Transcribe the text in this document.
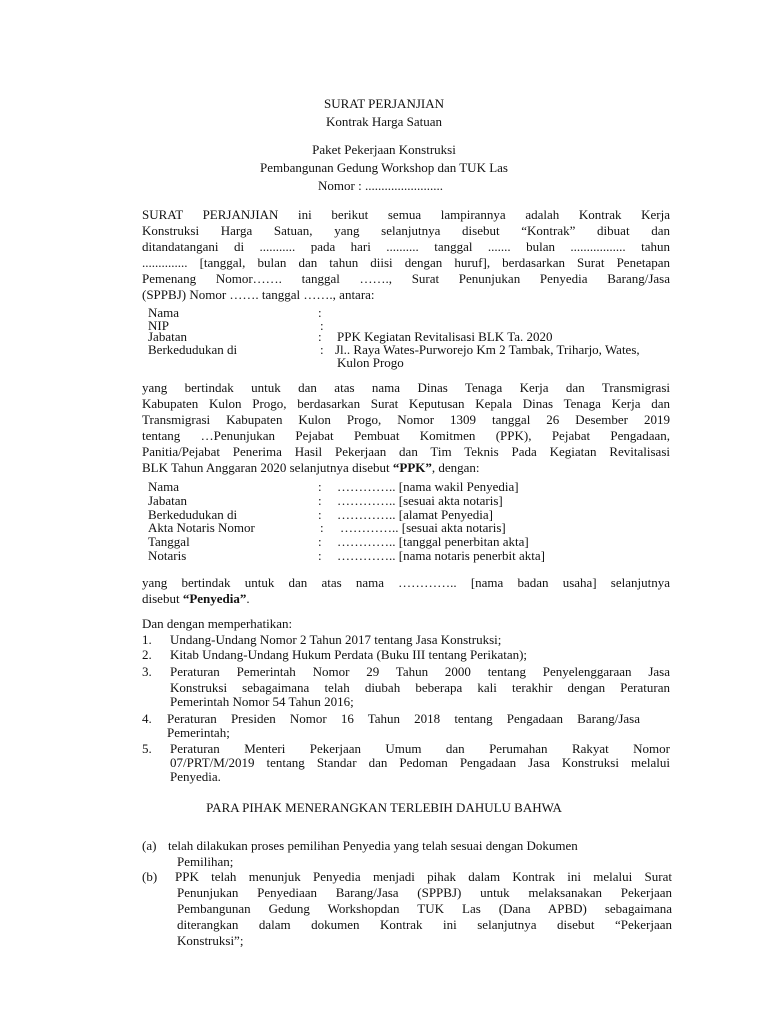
SURAT PERJANJIAN
Kontrak Harga Satuan
Paket Pekerjaan Konstruksi
Pembangunan Gedung Workshop dan TUK Las
Nomor : ........................
SURAT PERJANJIAN ini berikut semua lampirannya adalah Kontrak Kerja
Konstruksi Harga Satuan, yang selanjutnya disebut “Kontrak” dibuat dan
ditandatangani di ........... pada hari .......... tanggal ....... bulan ................. tahun
.............. [tanggal, bulan dan tahun diisi dengan huruf], berdasarkan Surat Penetapan
Pemenang Nomor……. tanggal ……., Surat Penunjukan Penyedia Barang/Jasa
(SPPBJ) Nomor ……. tanggal ……., antara:
Nama	:
NIP	:
Jabatan	: PPK Kegiatan Revitalisasi BLK Ta. 2020
Berkedudukan di	: Jl.. Raya Wates-Purworejo Km 2 Tambak, Triharjo, Wates,
Kulon Progo
yang bertindak untuk dan atas nama Dinas Tenaga Kerja dan Transmigrasi
Kabupaten Kulon Progo, berdasarkan Surat Keputusan Kepala Dinas Tenaga Kerja dan
Transmigrasi Kabupaten Kulon Progo, Nomor 1309 tanggal 26 Desember 2019
tentang …Penunjukan Pejabat Pembuat Komitmen (PPK), Pejabat Pengadaan,
Panitia/Pejabat Penerima Hasil Pekerjaan dan Tim Teknis Pada Kegiatan Revitalisasi
BLK Tahun Anggaran 2020 selanjutnya disebut “PPK”, dengan:
Nama	: ………….. [nama wakil Penyedia]
Jabatan	: ………….. [sesuai akta notaris]
Berkedudukan di	: ………….. [alamat Penyedia]
Akta Notaris Nomor	: ………….. [sesuai akta notaris]
Tanggal	: ………….. [tanggal penerbitan akta]
Notaris	: ………….. [nama notaris penerbit akta]
yang bertindak untuk dan atas nama ………….. [nama badan usaha] selanjutnya
disebut “Penyedia”.
Dan dengan memperhatikan:
1. Undang-Undang Nomor 2 Tahun 2017 tentang Jasa Konstruksi;
2. Kitab Undang-Undang Hukum Perdata (Buku III tentang Perikatan);
3. Peraturan Pemerintah Nomor 29 Tahun 2000 tentang Penyelenggaraan Jasa
Konstruksi sebagaimana telah diubah beberapa kali terakhir dengan Peraturan
Pemerintah Nomor 54 Tahun 2016;
4. Peraturan Presiden Nomor 16 Tahun 2018 tentang Pengadaan Barang/Jasa
Pemerintah;
5. Peraturan Menteri Pekerjaan Umum dan Perumahan Rakyat Nomor
07/PRT/M/2019 tentang Standar dan Pedoman Pengadaan Jasa Konstruksi melalui
Penyedia.
PARA PIHAK MENERANGKAN TERLEBIH DAHULU BAHWA
(a) telah dilakukan proses pemilihan Penyedia yang telah sesuai dengan Dokumen
Pemilihan;
(b) PPK telah menunjuk Penyedia menjadi pihak dalam Kontrak ini melalui Surat
Penunjukan Penyediaan Barang/Jasa (SPPBJ) untuk melaksanakan Pekerjaan
Pembangunan Gedung Workshopdan TUK Las (Dana APBD) sebagaimana
diterangkan dalam dokumen Kontrak ini selanjutnya disebut “Pekerjaan
Konstruksi”;
